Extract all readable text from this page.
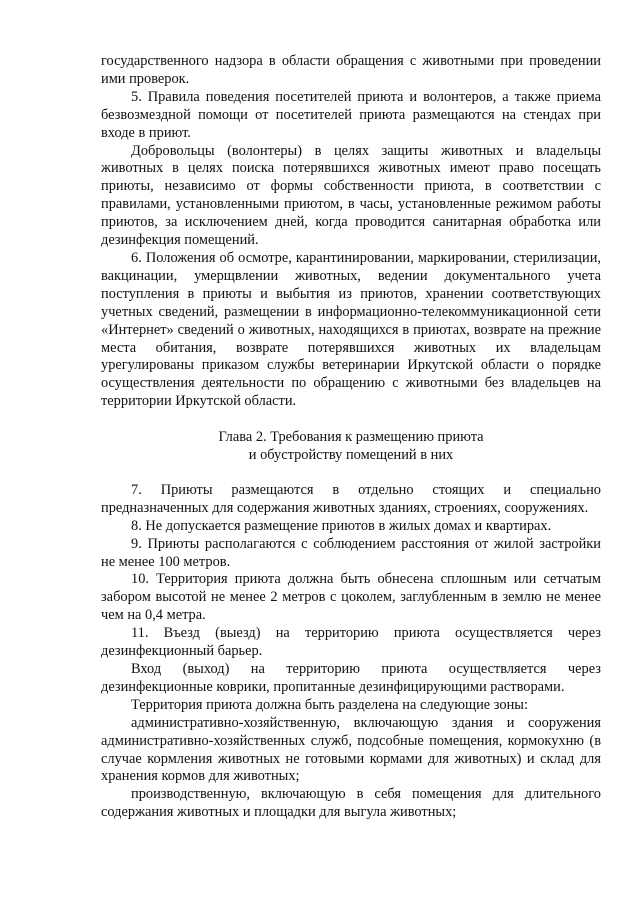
государственного надзора в области обращения с животными при проведении ими проверок.

5. Правила поведения посетителей приюта и волонтеров, а также приема безвозмездной помощи от посетителей приюта размещаются на стендах при входе в приют.

Добровольцы (волонтеры) в целях защиты животных и владельцы животных в целях поиска потерявшихся животных имеют право посещать приюты, независимо от формы собственности приюта, в соответствии с правилами, установленными приютом, в часы, установленные режимом работы приютов, за исключением дней, когда проводится санитарная обработка или дезинфекция помещений.

6. Положения об осмотре, карантинировании, маркировании, стерилизации, вакцинации, умерщвлении животных, ведении документального учета поступления в приюты и выбытия из приютов, хранении соответствующих учетных сведений, размещении в информационно-телекоммуникационной сети «Интернет» сведений о животных, находящихся в приютах, возврате на прежние места обитания, возврате потерявшихся животных их владельцам урегулированы приказом службы ветеринарии Иркутской области о порядке осуществления деятельности по обращению с животными без владельцев на территории Иркутской области.

Глава 2. Требования к размещению приюта

и обустройству помещений в них

7. Приюты размещаются в отдельно стоящих и специально предназначенных для содержания животных зданиях, строениях, сооружениях.

8. Не допускается размещение приютов в жилых домах и квартирах.

9. Приюты располагаются с соблюдением расстояния от жилой застройки не менее 100 метров.

10. Территория приюта должна быть обнесена сплошным или сетчатым забором высотой не менее 2 метров с цоколем, заглубленным в землю не менее чем на 0,4 метра.

11. Въезд (выезд) на территорию приюта осуществляется через дезинфекционный барьер.

Вход (выход) на территорию приюта осуществляется через дезинфекционные коврики, пропитанные дезинфицирующими растворами.

Территория приюта должна быть разделена на следующие зоны:

административно-хозяйственную, включающую здания и сооружения административно-хозяйственных служб, подсобные помещения, кормокухню (в случае кормления животных не готовыми кормами для животных) и склад для хранения кормов для животных;

производственную, включающую в себя помещения для длительного содержания животных и площадки для выгула животных;
